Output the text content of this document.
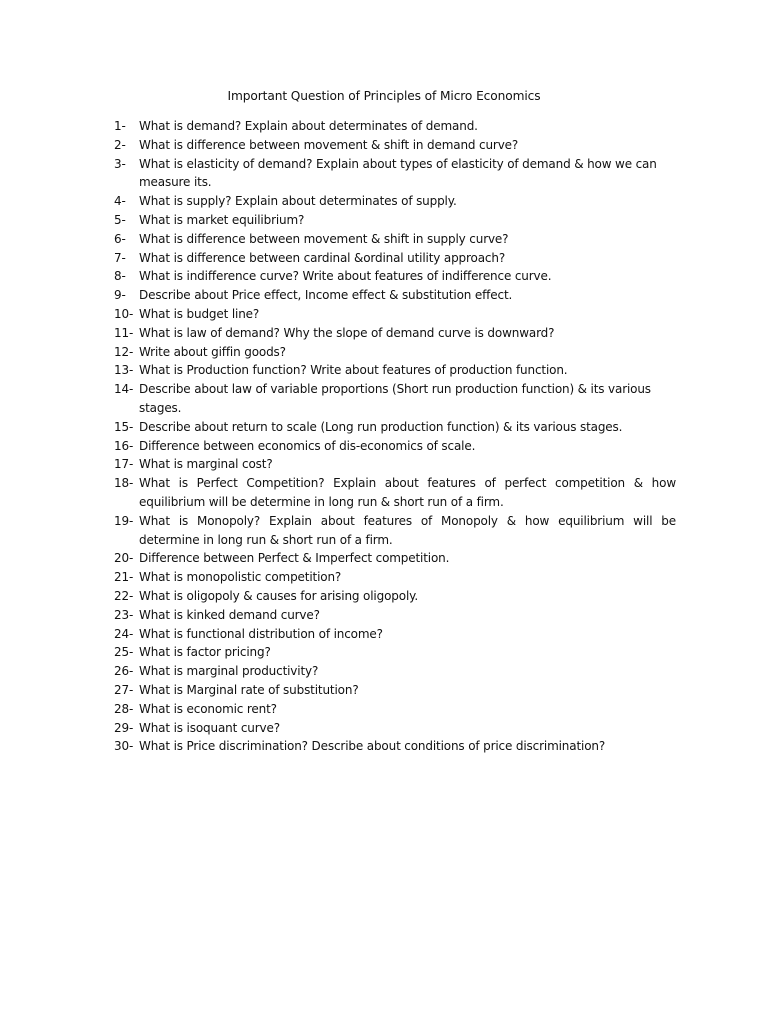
Important Question of Principles of Micro Economics
1-	What is demand? Explain about determinates of demand.
2-	What is difference between movement & shift in demand curve?
3-	What is elasticity of demand? Explain about types of elasticity of demand & how we can measure its.
4-	What is supply? Explain about determinates of supply.
5-	What is market equilibrium?
6-	What is difference between movement & shift in supply curve?
7-	What is difference between cardinal &ordinal utility approach?
8-	What is indifference curve? Write about features of indifference curve.
9-	Describe about Price effect, Income effect & substitution effect.
10- What is budget line?
11- What is law of demand? Why the slope of demand curve is downward?
12- Write about giffin goods?
13- What is Production function? Write about features of production function.
14- Describe about law of variable proportions (Short run production function) & its various stages.
15- Describe about return to scale (Long run production function) & its various stages.
16- Difference between economics of dis-economics of scale.
17- What is marginal cost?
18- What is Perfect Competition? Explain about features of perfect competition & how equilibrium will be determine in long run & short run of a firm.
19- What is Monopoly? Explain about features of Monopoly & how equilibrium will be determine in long run & short run of a firm.
20- Difference between Perfect & Imperfect competition.
21- What is monopolistic competition?
22- What is oligopoly & causes for arising oligopoly.
23- What is kinked demand curve?
24- What is functional distribution of income?
25- What is factor pricing?
26- What is marginal productivity?
27- What is Marginal rate of substitution?
28- What is economic rent?
29- What is isoquant curve?
30- What is Price discrimination? Describe about conditions of price discrimination?
